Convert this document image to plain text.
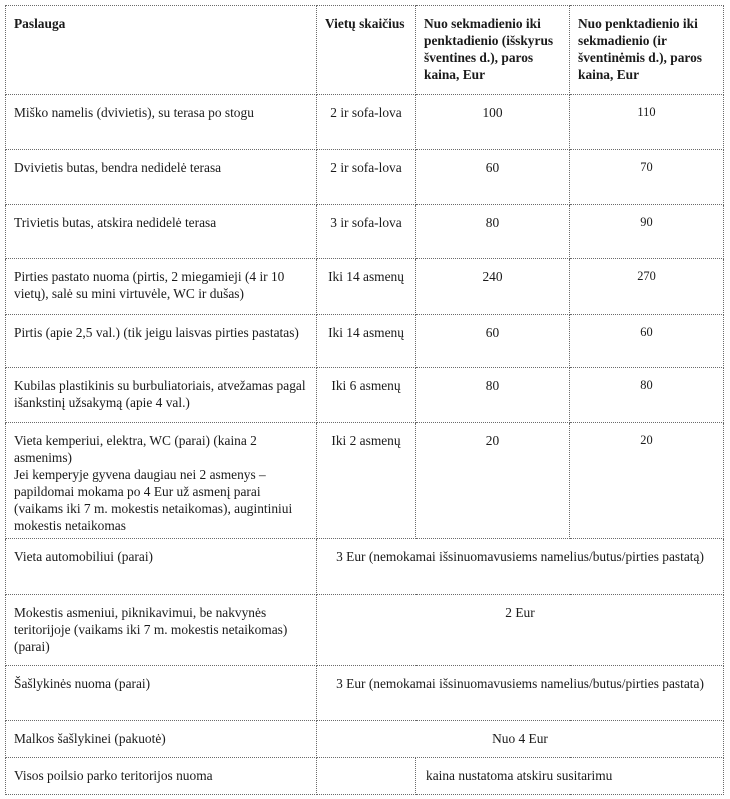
Paslauga	Vietų skaičius	Nuo sekmadienio iki penktadienio (išskyrus šventines d.), paros kaina, Eur	Nuo penktadienio iki sekmadienio (ir šventinėmis d.), paros kaina, Eur
Miško namelis (dvivietis), su terasa po stogu	2 ir sofa-lova	100	110
Dvivietis butas, bendra nedidelė terasa	2 ir sofa-lova	60	70
Trivietis butas, atskira nedidelė terasa	3 ir sofa-lova	80	90
Pirties pastato nuoma (pirtis, 2 miegamieji (4 ir 10 vietų), salė su mini virtuvėle, WC ir dušas)	Iki 14 asmenų	240	270
Pirtis (apie 2,5 val.) (tik jeigu laisvas pirties pastatas)	Iki 14 asmenų	60	60
Kubilas plastikinis su burbuliatoriais, atvežamas pagal išankstinį užsakymą (apie 4 val.)	Iki 6 asmenų	80	80

Vieta kemperiui, elektra, WC (parai) (kaina 2 asmenims)
Jei kemperyje gyvena daugiau nei 2 asmenys – papildomai mokama po 4 Eur už asmenį parai (vaikams iki 7 m. mokestis netaikomas), augintiniui mokestis netaikomas	Iki 2 asmenų	20	20
Vieta automobiliui (parai)	3 Eur (nemokamai išsinuomavusiems namelius/butus/pirties pastatą)		
Mokestis asmeniui, piknikavimui, be nakvynės teritorijoje (vaikams iki 7 m. mokestis netaikomas) (parai)	2 Eur		
Šašlykinės nuoma (parai)	3 Eur (nemokamai išsinuomavusiems namelius/butus/pirties pastata)		
Malkos šašlykinei (pakuotė)	Nuo 4 Eur		
Visos poilsio parko teritorijos nuoma		kaina nustatoma atskiru susitarimu	
